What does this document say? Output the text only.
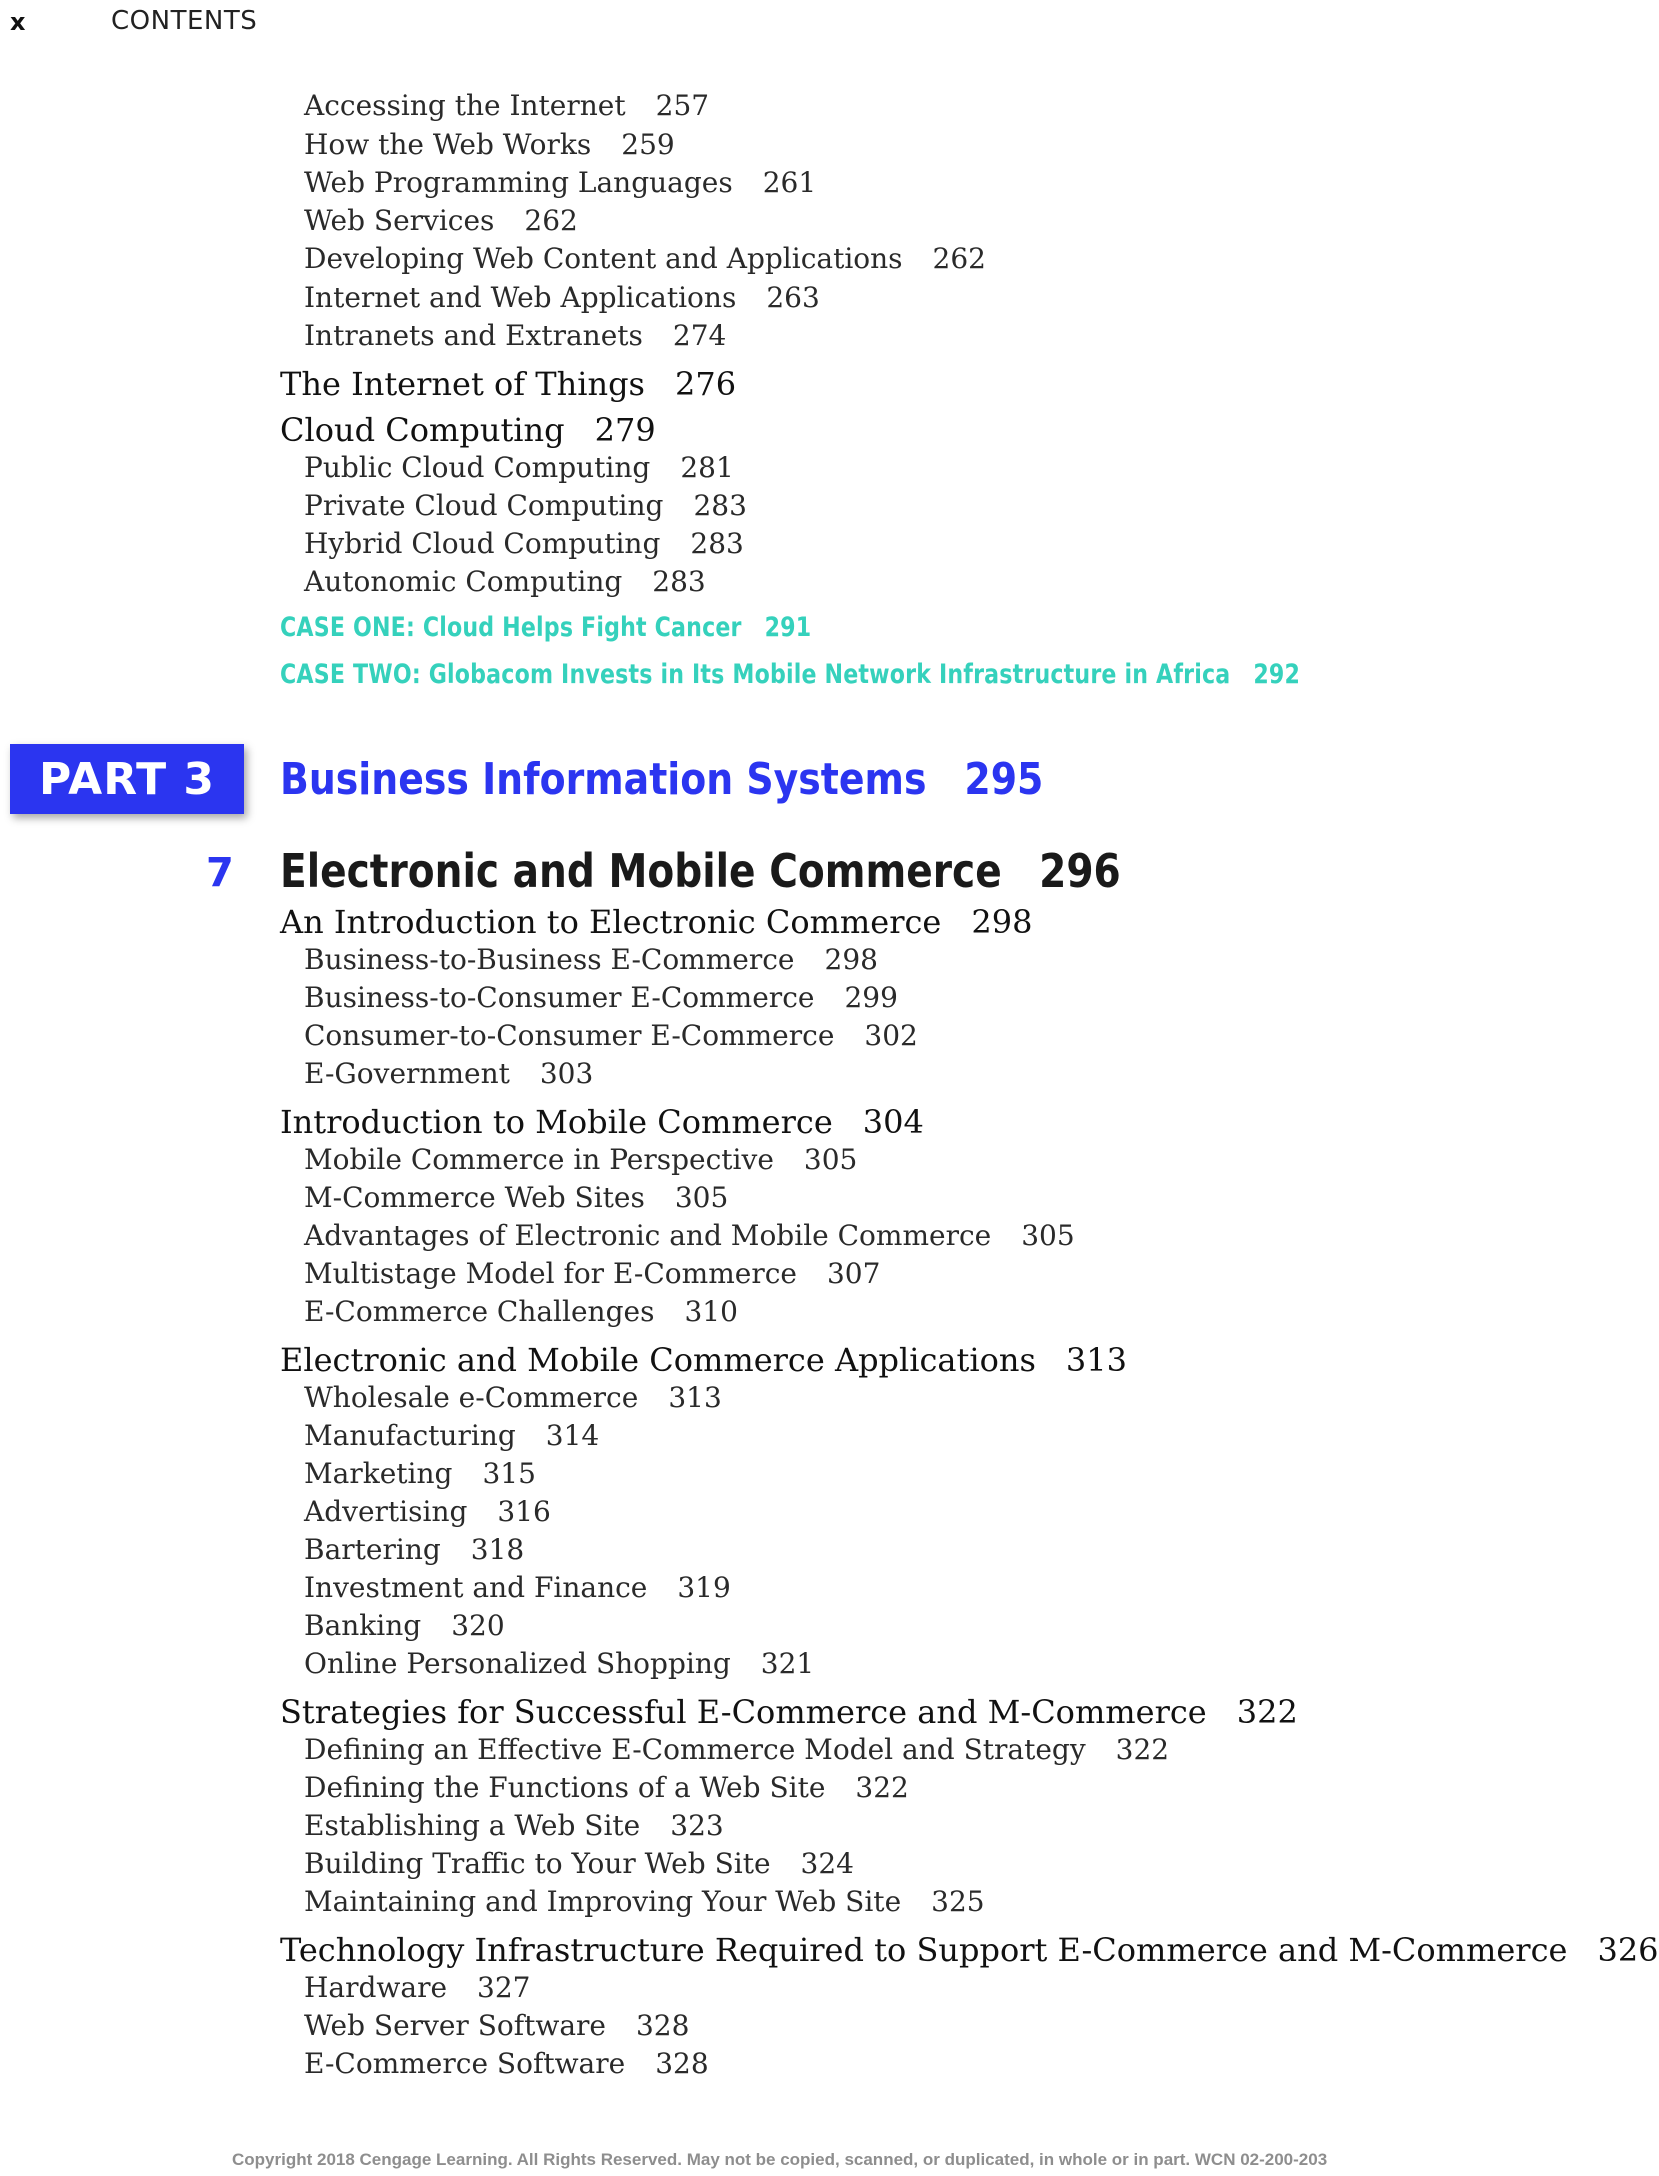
x	CONTENTS
Accessing the Internet 257
How the Web Works 259
Web Programming Languages 261
Web Services 262
Developing Web Content and Applications 262
Internet and Web Applications 263
Intranets and Extranets 274
The Internet of Things 276
Cloud Computing 279
Public Cloud Computing 281
Private Cloud Computing 283
Hybrid Cloud Computing 283
Autonomic Computing 283
CASE ONE: Cloud Helps Fight Cancer 291
CASE TWO: Globacom Invests in Its Mobile Network Infrastructure in Africa 292
PART 3 Business Information Systems 295
7 Electronic and Mobile Commerce 296
An Introduction to Electronic Commerce 298
Business-to-Business E-Commerce 298
Business-to-Consumer E-Commerce 299
Consumer-to-Consumer E-Commerce 302
E-Government 303
Introduction to Mobile Commerce 304
Mobile Commerce in Perspective 305
M-Commerce Web Sites 305
Advantages of Electronic and Mobile Commerce 305
Multistage Model for E-Commerce 307
E-Commerce Challenges 310
Electronic and Mobile Commerce Applications 313
Wholesale e-Commerce 313
Manufacturing 314
Marketing 315
Advertising 316
Bartering 318
Investment and Finance 319
Banking 320
Online Personalized Shopping 321
Strategies for Successful E-Commerce and M-Commerce 322
Defining an Effective E-Commerce Model and Strategy 322
Defining the Functions of a Web Site 322
Establishing a Web Site 323
Building Traffic to Your Web Site 324
Maintaining and Improving Your Web Site 325
Technology Infrastructure Required to Support E-Commerce and M-Commerce 326
Hardware 327
Web Server Software 328
E-Commerce Software 328
Copyright 2018 Cengage Learning. All Rights Reserved. May not be copied, scanned, or duplicated, in whole or in part. WCN 02-200-203
